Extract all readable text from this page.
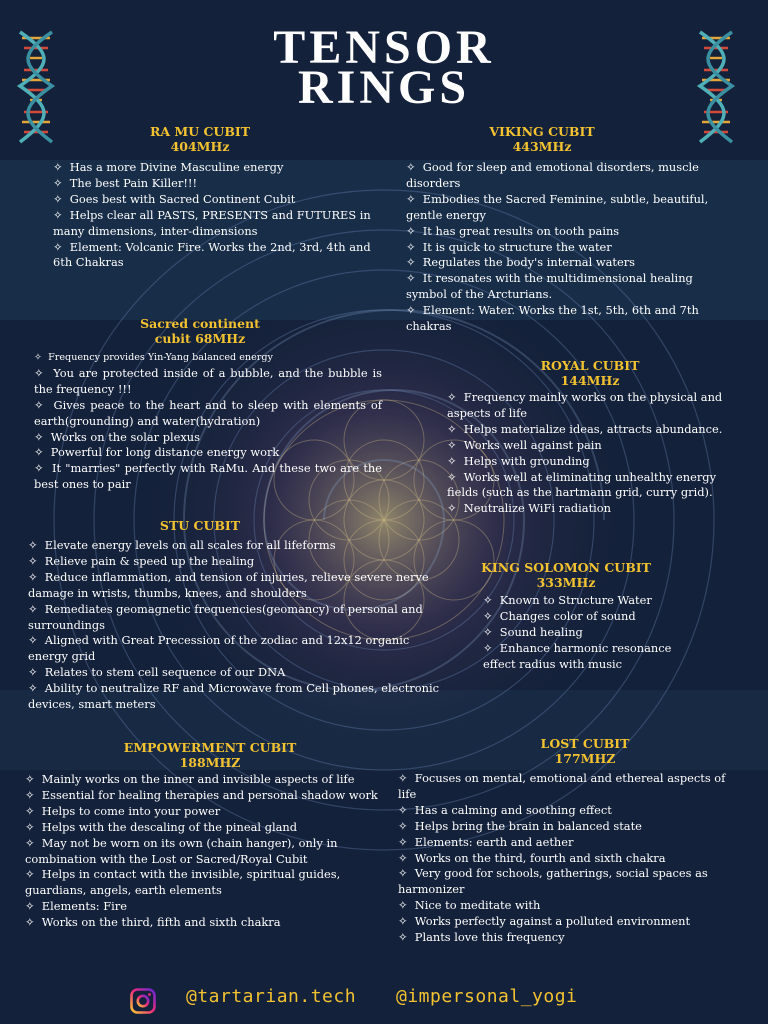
TENSOR
RINGS
RA MU CUBIT
404MHz
✧  Has a more Divine Masculine energy
✧  The best Pain Killer!!!
✧  Goes best with Sacred Continent Cubit
✧  Helps clear all PASTS, PRESENTS and FUTURES in many dimensions, inter-dimensions
✧  Element: Volcanic Fire. Works the 2nd, 3rd, 4th and 6th Chakras
VIKING CUBIT
443MHz
✧  Good for sleep and emotional disorders, muscle disorders
✧  Embodies the Sacred Feminine, subtle, beautiful, gentle energy
✧  It has great results on tooth pains
✧  It is quick to structure the water
✧  Regulates the body's internal waters
✧  It resonates with the multidimensional healing symbol of the Arcturians.
✧  Element: Water. Works the 1st, 5th, 6th and 7th chakras
Sacred continent
cubit 68MHz
✧  Frequency provides Yin-Yang balanced energy
✧  You are protected inside of a bubble, and the bubble is the frequency !!!
✧  Gives peace to the heart and to sleep with elements of earth(grounding) and water(hydration)
✧  Works on the solar plexus
✧  Powerful for long distance energy work
✧  It "marries" perfectly with RaMu. And these two are the best ones to pair
ROYAL CUBIT
144MHz
✧  Frequency mainly works on the physical and aspects of life
✧  Helps materialize ideas, attracts abundance.
✧  Works well against pain
✧  Helps with grounding
✧  Works well at eliminating unhealthy energy fields (such as the hartmann grid, curry grid).
✧  Neutralize WiFi radiation
STU CUBIT
✧  Elevate energy levels on all scales for all lifeforms
✧  Relieve pain & speed up the healing
✧  Reduce inflammation, and tension of injuries, relieve severe nerve damage in wrists, thumbs, knees, and shoulders
✧  Remediates geomagnetic frequencies(geomancy) of personal and surroundings
✧  Aligned with Great Precession of the zodiac and 12x12 organic energy grid
✧  Relates to stem cell sequence of our DNA
✧  Ability to neutralize RF and Microwave from Cell phones, electronic devices, smart meters
KING SOLOMON CUBIT
333MHz
✧  Known to Structure Water
✧  Changes color of sound
✧  Sound healing
✧  Enhance harmonic resonance effect radius with music
EMPOWERMENT CUBIT
188MHZ
✧  Mainly works on the inner and invisible aspects of life
✧  Essential for healing therapies and personal shadow work
✧  Helps to come into your power
✧  Helps with the descaling of the pineal gland
✧  May not be worn on its own (chain hanger), only in combination with the Lost or Sacred/Royal Cubit
✧  Helps in contact with the invisible, spiritual guides, guardians, angels, earth elements
✧  Elements: Fire
✧  Works on the third, fifth and sixth chakra
LOST CUBIT
177MHZ
✧  Focuses on mental, emotional and ethereal aspects of life
✧  Has a calming and soothing effect
✧  Helps bring the brain in balanced state
✧  Elements: earth and aether
✧  Works on the third, fourth and sixth chakra
✧  Very good for schools, gatherings, social spaces as harmonizer
✧  Nice to meditate with
✧  Works perfectly against a polluted environment
✧  Plants love this frequency
@tartarian.tech @impersonal_yogi
